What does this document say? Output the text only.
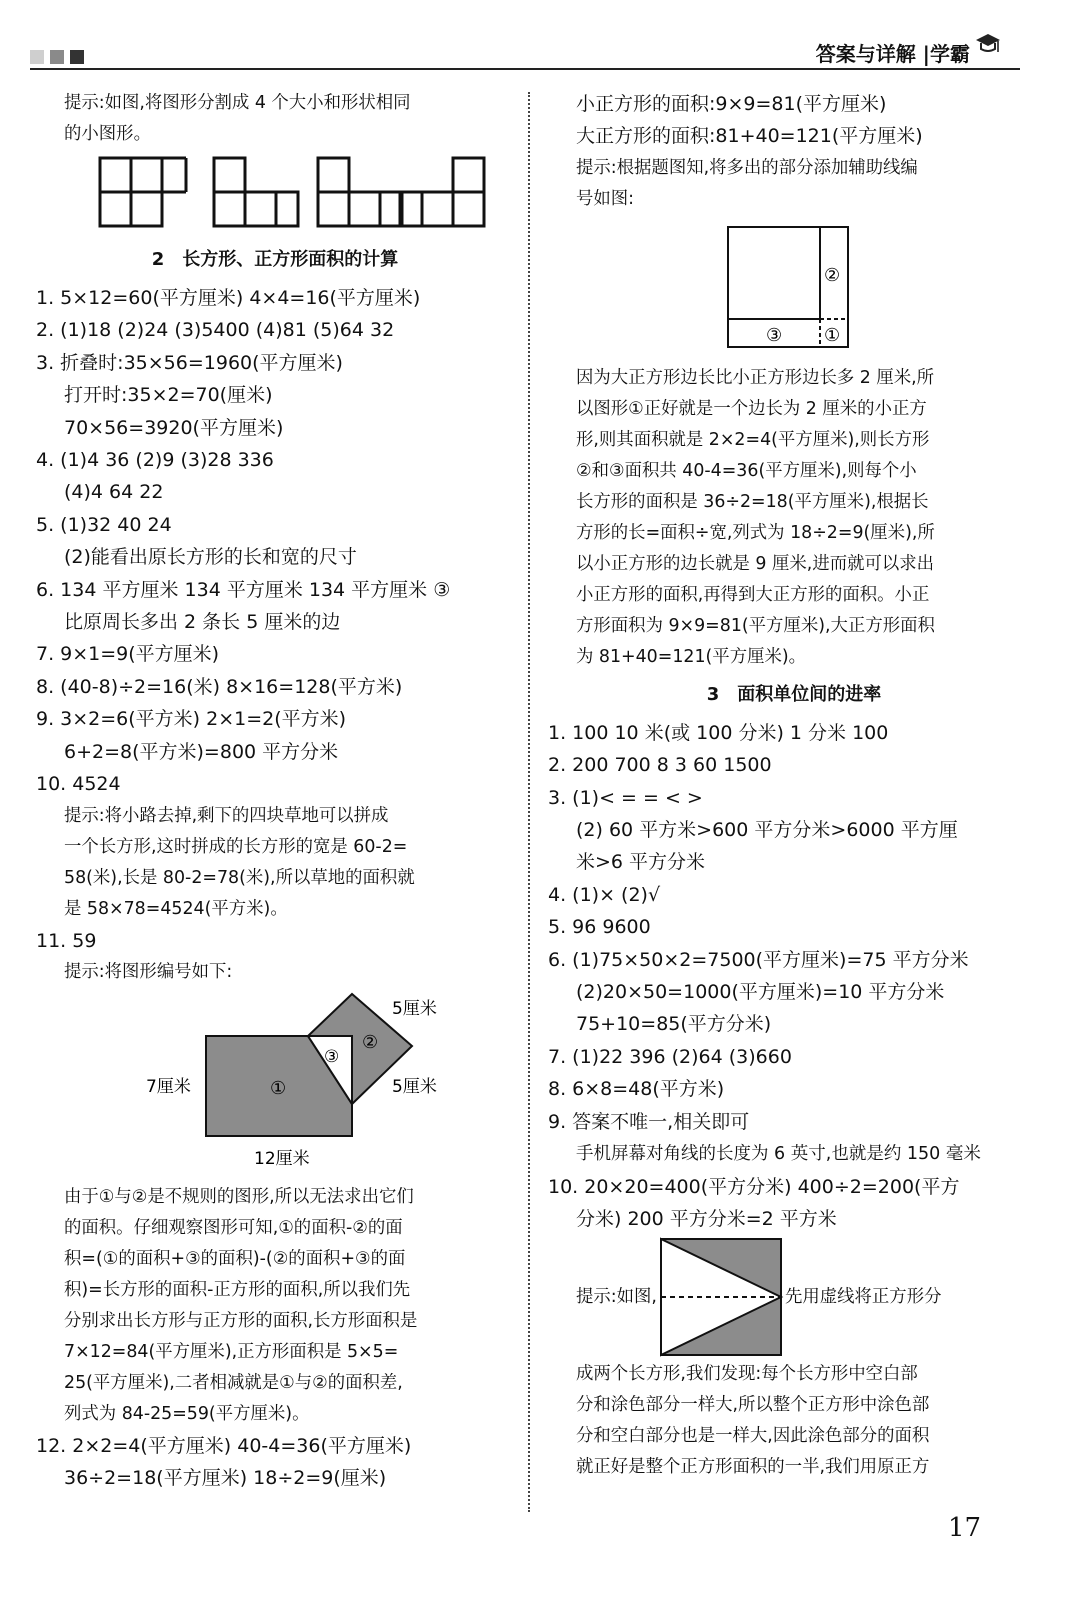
答案与详解 |学霸
提示:如图,将图形分割成 4 个大小和形状相同
的小图形。
2 长方形、正方形面积的计算
1. 5×12=60(平方厘米) 4×4=16(平方厘米)
2. (1)18 (2)24 (3)5400 (4)81 (5)64 32
3. 折叠时:35×56=1960(平方厘米)
打开时:35×2=70(厘米)
70×56=3920(平方厘米)
4. (1)4 36 (2)9 (3)28 336
(4)4 64 22
5. (1)32 40 24
(2)能看出原长方形的长和宽的尺寸
6. 134 平方厘米 134 平方厘米 134 平方厘米 ③
比原周长多出 2 条长 5 厘米的边
7. 9×1=9(平方厘米)
8. (40-8)÷2=16(米) 8×16=128(平方米)
9. 3×2=6(平方米) 2×1=2(平方米)
6+2=8(平方米)=800 平方分米
10. 4524
提示:将小路去掉,剩下的四块草地可以拼成
一个长方形,这时拼成的长方形的宽是 60-2=
58(米),长是 80-2=78(米),所以草地的面积就
是 58×78=4524(平方米)。
11. 59
提示:将图形编号如下:
①
②
③
5厘米
7厘米	5厘米
12厘米
由于①与②是不规则的图形,所以无法求出它们
的面积。仔细观察图形可知,①的面积-②的面
积=(①的面积+③的面积)-(②的面积+③的面
积)=长方形的面积-正方形的面积,所以我们先
分别求出长方形与正方形的面积,长方形面积是
7×12=84(平方厘米),正方形面积是 5×5=
25(平方厘米),二者相减就是①与②的面积差,
列式为 84-25=59(平方厘米)。
12. 2×2=4(平方厘米) 40-4=36(平方厘米)
36÷2=18(平方厘米) 18÷2=9(厘米)
小正方形的面积:9×9=81(平方厘米)
大正方形的面积:81+40=121(平方厘米)
提示:根据题图知,将多出的部分添加辅助线编
号如图:
②
③ ①
因为大正方形边长比小正方形边长多 2 厘米,所
以图形①正好就是一个边长为 2 厘米的小正方
形,则其面积就是 2×2=4(平方厘米),则长方形
②和③面积共 40-4=36(平方厘米),则每个小
长方形的面积是 36÷2=18(平方厘米),根据长
方形的长=面积÷宽,列式为 18÷2=9(厘米),所
以小正方形的边长就是 9 厘米,进而就可以求出
小正方形的面积,再得到大正方形的面积。小正
方形面积为 9×9=81(平方厘米),大正方形面积
为 81+40=121(平方厘米)。
3 面积单位间的进率
1. 100 10 米(或 100 分米) 1 分米 100
2. 200 700 8 3 60 1500
3. (1)< = = < >
(2) 60 平方米>600 平方分米>6000 平方厘
米>6 平方分米
4. (1)× (2)√
5. 96 9600
6. (1)75×50×2=7500(平方厘米)=75 平方分米
(2)20×50=1000(平方厘米)=10 平方分米
75+10=85(平方分米)
7. (1)22 396 (2)64 (3)660
8. 6×8=48(平方米)
9. 答案不唯一,相关即可
手机屏幕对角线的长度为 6 英寸,也就是约 150 毫米
10. 20×20=400(平方分米) 400÷2=200(平方
分米) 200 平方分米=2 平方米
提示:如图,	先用虚线将正方形分
成两个长方形,我们发现:每个长方形中空白部
分和涂色部分一样大,所以整个正方形中涂色部
分和空白部分也是一样大,因此涂色部分的面积
就正好是整个正方形面积的一半,我们用原正方
17
